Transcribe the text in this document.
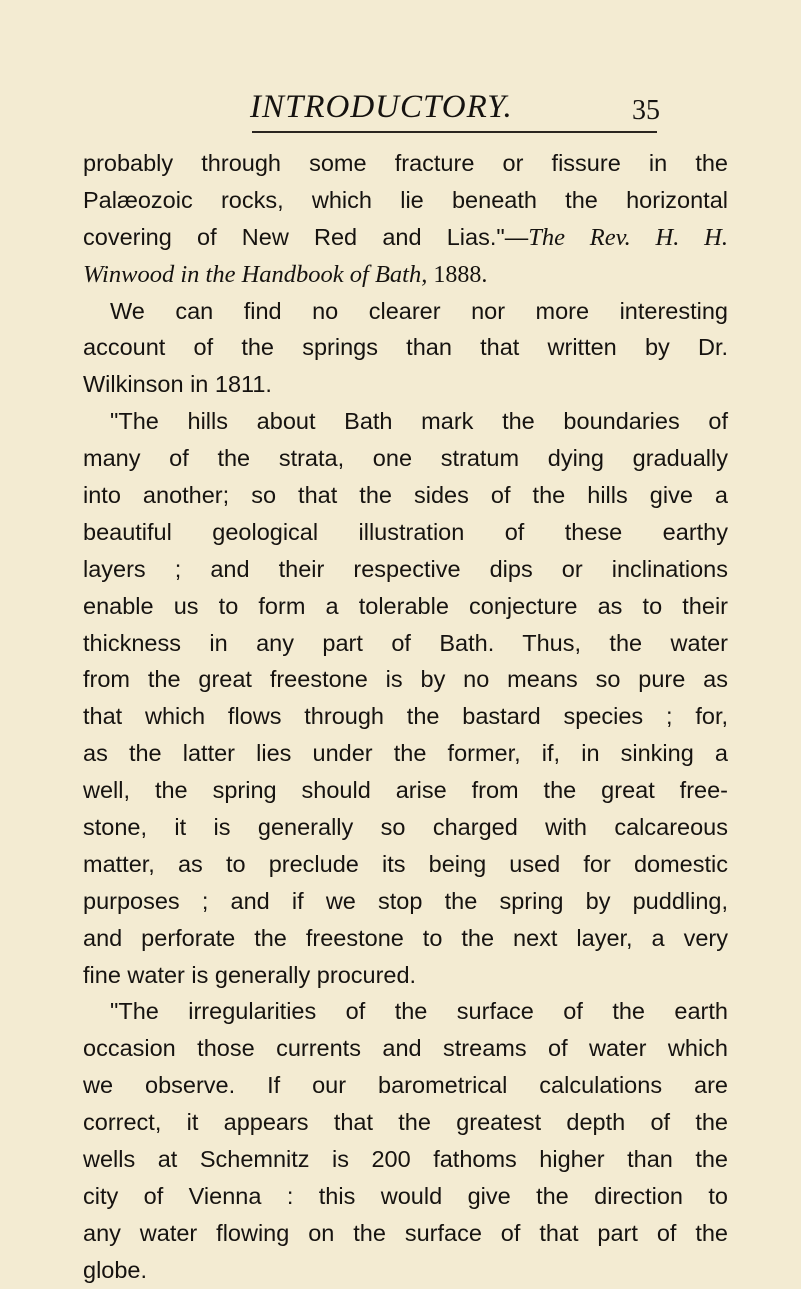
INTRODUCTORY.	35
probably through some fracture or fissure in the
Palæozoic rocks, which lie beneath the horizontal
covering of New Red and Lias."—The Rev. H. H.
Winwood in the Handbook of Bath, 1888.
We can find no clearer nor more interesting
account of the springs than that written by Dr.
Wilkinson in 1811.
"The hills about Bath mark the boundaries of
many of the strata, one stratum dying gradually
into another; so that the sides of the hills give a
beautiful geological illustration of these earthy
layers ; and their respective dips or inclinations
enable us to form a tolerable conjecture as to their
thickness in any part of Bath. Thus, the water
from the great freestone is by no means so pure as
that which flows through the bastard species ; for,
as the latter lies under the former, if, in sinking a
well, the spring should arise from the great free-
stone, it is generally so charged with calcareous
matter, as to preclude its being used for domestic
purposes ; and if we stop the spring by puddling,
and perforate the freestone to the next layer, a very
fine water is generally procured.
"The irregularities of the surface of the earth
occasion those currents and streams of water which
we observe. If our barometrical calculations are
correct, it appears that the greatest depth of the
wells at Schemnitz is 200 fathoms higher than the
city of Vienna : this would give the direction to
any water flowing on the surface of that part of the
globe.
